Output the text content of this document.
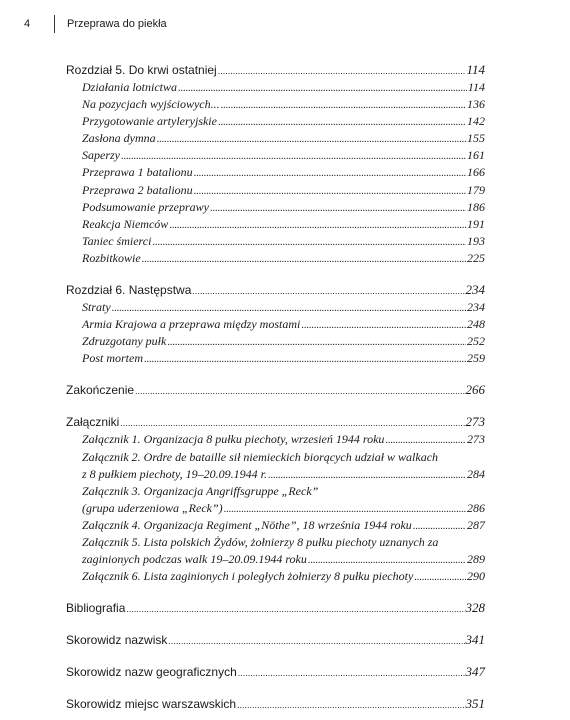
4	Przeprawa do piekła
Rozdział 5. Do krwi ostatniej .....	114
Działania lotnictwa .....	114
Na pozycjach wyjściowych... .....	136
Przygotowanie artyleryjskie .....	142
Zasłona dymna .....	155
Saperzy .....	161
Przeprawa 1 batalionu .....	166
Przeprawa 2 batalionu .....	179
Podsumowanie przeprawy .....	186
Reakcja Niemców .....	191
Taniec śmierci .....	193
Rozbitkowie .....	225
Rozdział 6. Następstwa .....	234
Straty .....	234
Armia Krajowa a przeprawa między mostami .....	248
Zdruzgotany pułk .....	252
Post mortem .....	259
Zakończenie .....	266
Załączniki .....	273
Załącznik 1. Organizacja 8 pułku piechoty, wrzesień 1944 roku .....	273
Załącznik 2. Ordre de bataille sił niemieckich biorących udział w walkach
z 8 pułkiem piechoty, 19–20.09.1944 r. .....	284
Załącznik 3. Organizacja Angriffsgruppe „Reck”
(grupa uderzeniowa „Reck”) .....	286
Załącznik 4. Organizacja Regiment „Nöthe”, 18 września 1944 roku .....	287
Załącznik 5. Lista polskich Żydów, żołnierzy 8 pułku piechoty uznanych za
zaginionych podczas walk 19–20.09.1944 roku .....	289
Załącznik 6. Lista zaginionych i poległych żołnierzy 8 pułku piechoty .....	290
Bibliografia .....	328
Skorowidz nazwisk .....	341
Skorowidz nazw geograficznych .....	347
Skorowidz miejsc warszawskich .....	351
